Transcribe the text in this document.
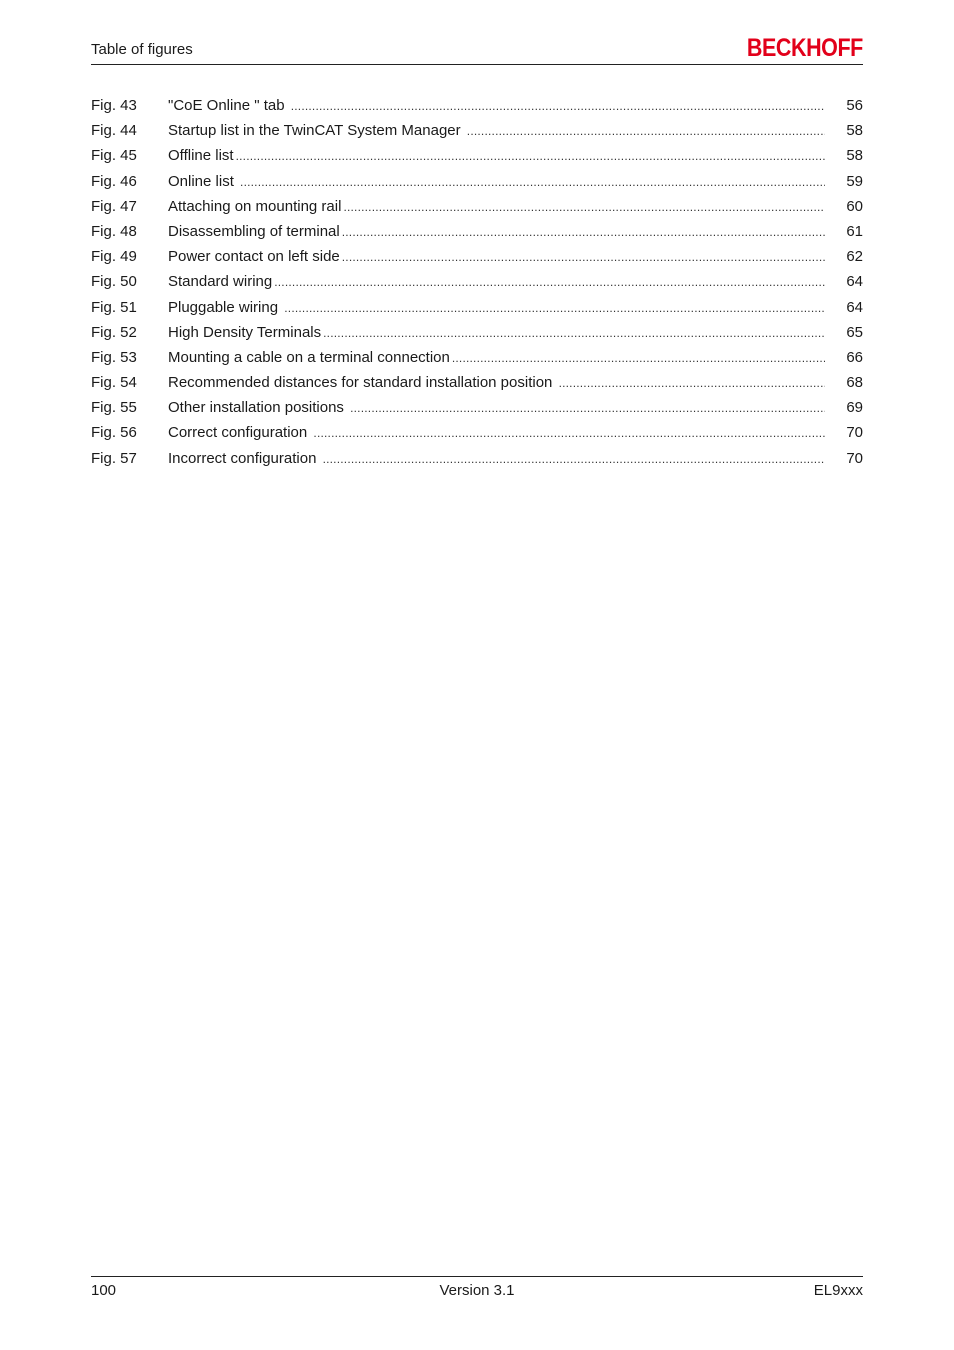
Table of figures	BECKHOFF
Fig. 43	"CoE Online " tab .....	56
Fig. 44	Startup list in the TwinCAT System Manager .....	58
Fig. 45	Offline list .....	58
Fig. 46	Online list .....	59
Fig. 47	Attaching on mounting rail .....	60
Fig. 48	Disassembling of terminal .....	61
Fig. 49	Power contact on left side .....	62
Fig. 50	Standard wiring .....	64
Fig. 51	Pluggable wiring .....	64
Fig. 52	High Density Terminals .....	65
Fig. 53	Mounting a cable on a terminal connection .....	66
Fig. 54	Recommended distances for standard installation position .....	68
Fig. 55	Other installation positions .....	69
Fig. 56	Correct configuration .....	70
Fig. 57	Incorrect configuration .....	70
100	Version 3.1	EL9xxx
